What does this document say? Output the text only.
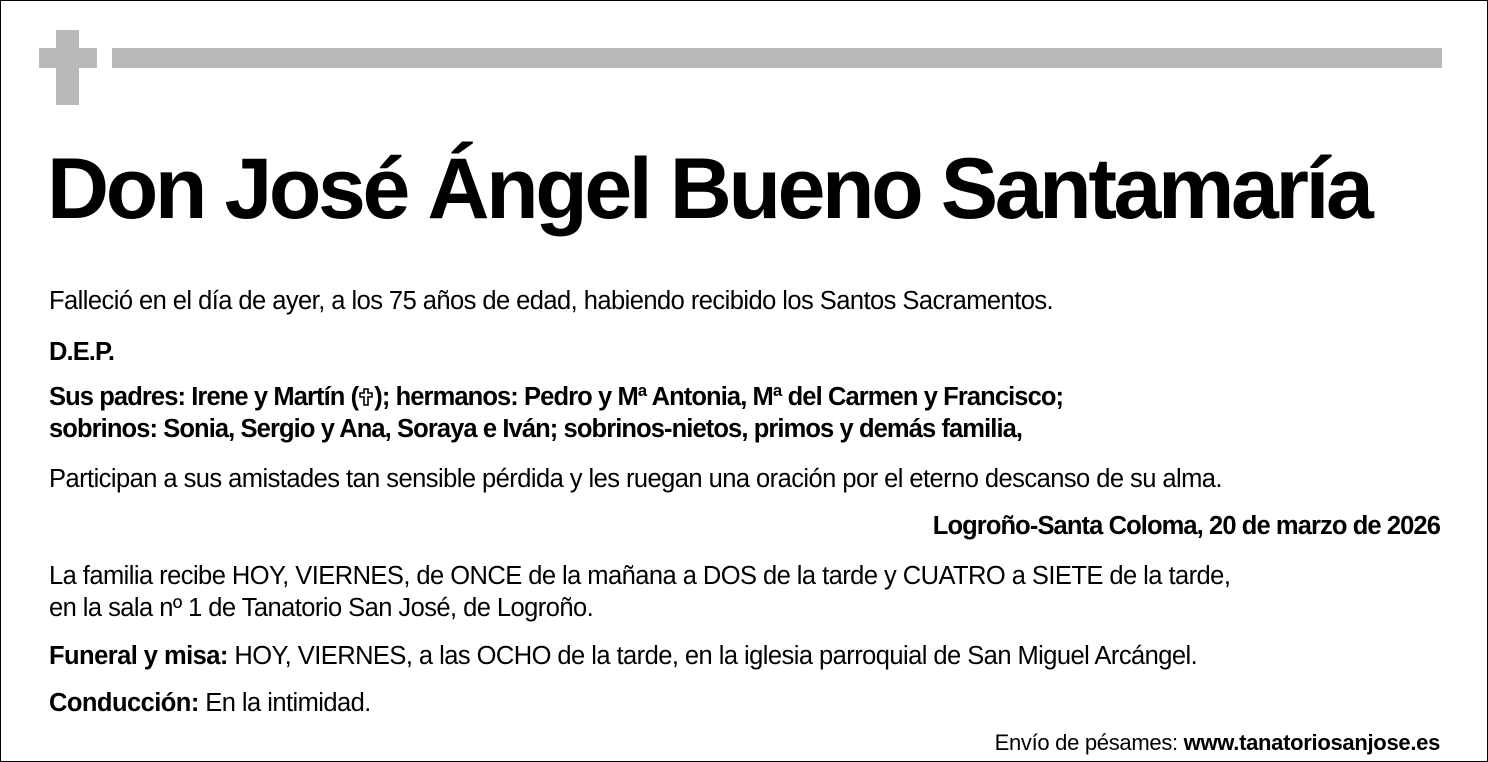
Don José Ángel Bueno Santamaría

Falleció en el día de ayer, a los 75 años de edad, habiendo recibido los Santos Sacramentos.

D.E.P.

Sus padres: Irene y Martín ( ); hermanos: Pedro y Mª Antonia, Mª del Carmen y Francisco;

sobrinos: Sonia, Sergio y Ana, Soraya e Iván; sobrinos-nietos, primos y demás familia,

Participan a sus amistades tan sensible pérdida y les ruegan una oración por el eterno descanso de su alma.

Logroño-Santa Coloma, 20 de marzo de 2026

La familia recibe HOY, VIERNES, de ONCE de la mañana a DOS de la tarde y CUATRO a SIETE de la tarde,

en la sala nº 1 de Tanatorio San José, de Logroño.

Funeral y misa: HOY, VIERNES, a las OCHO de la tarde, en la iglesia parroquial de San Miguel Arcángel.

Conducción: En la intimidad.

Envío de pésames: www.tanatoriosanjose.es
